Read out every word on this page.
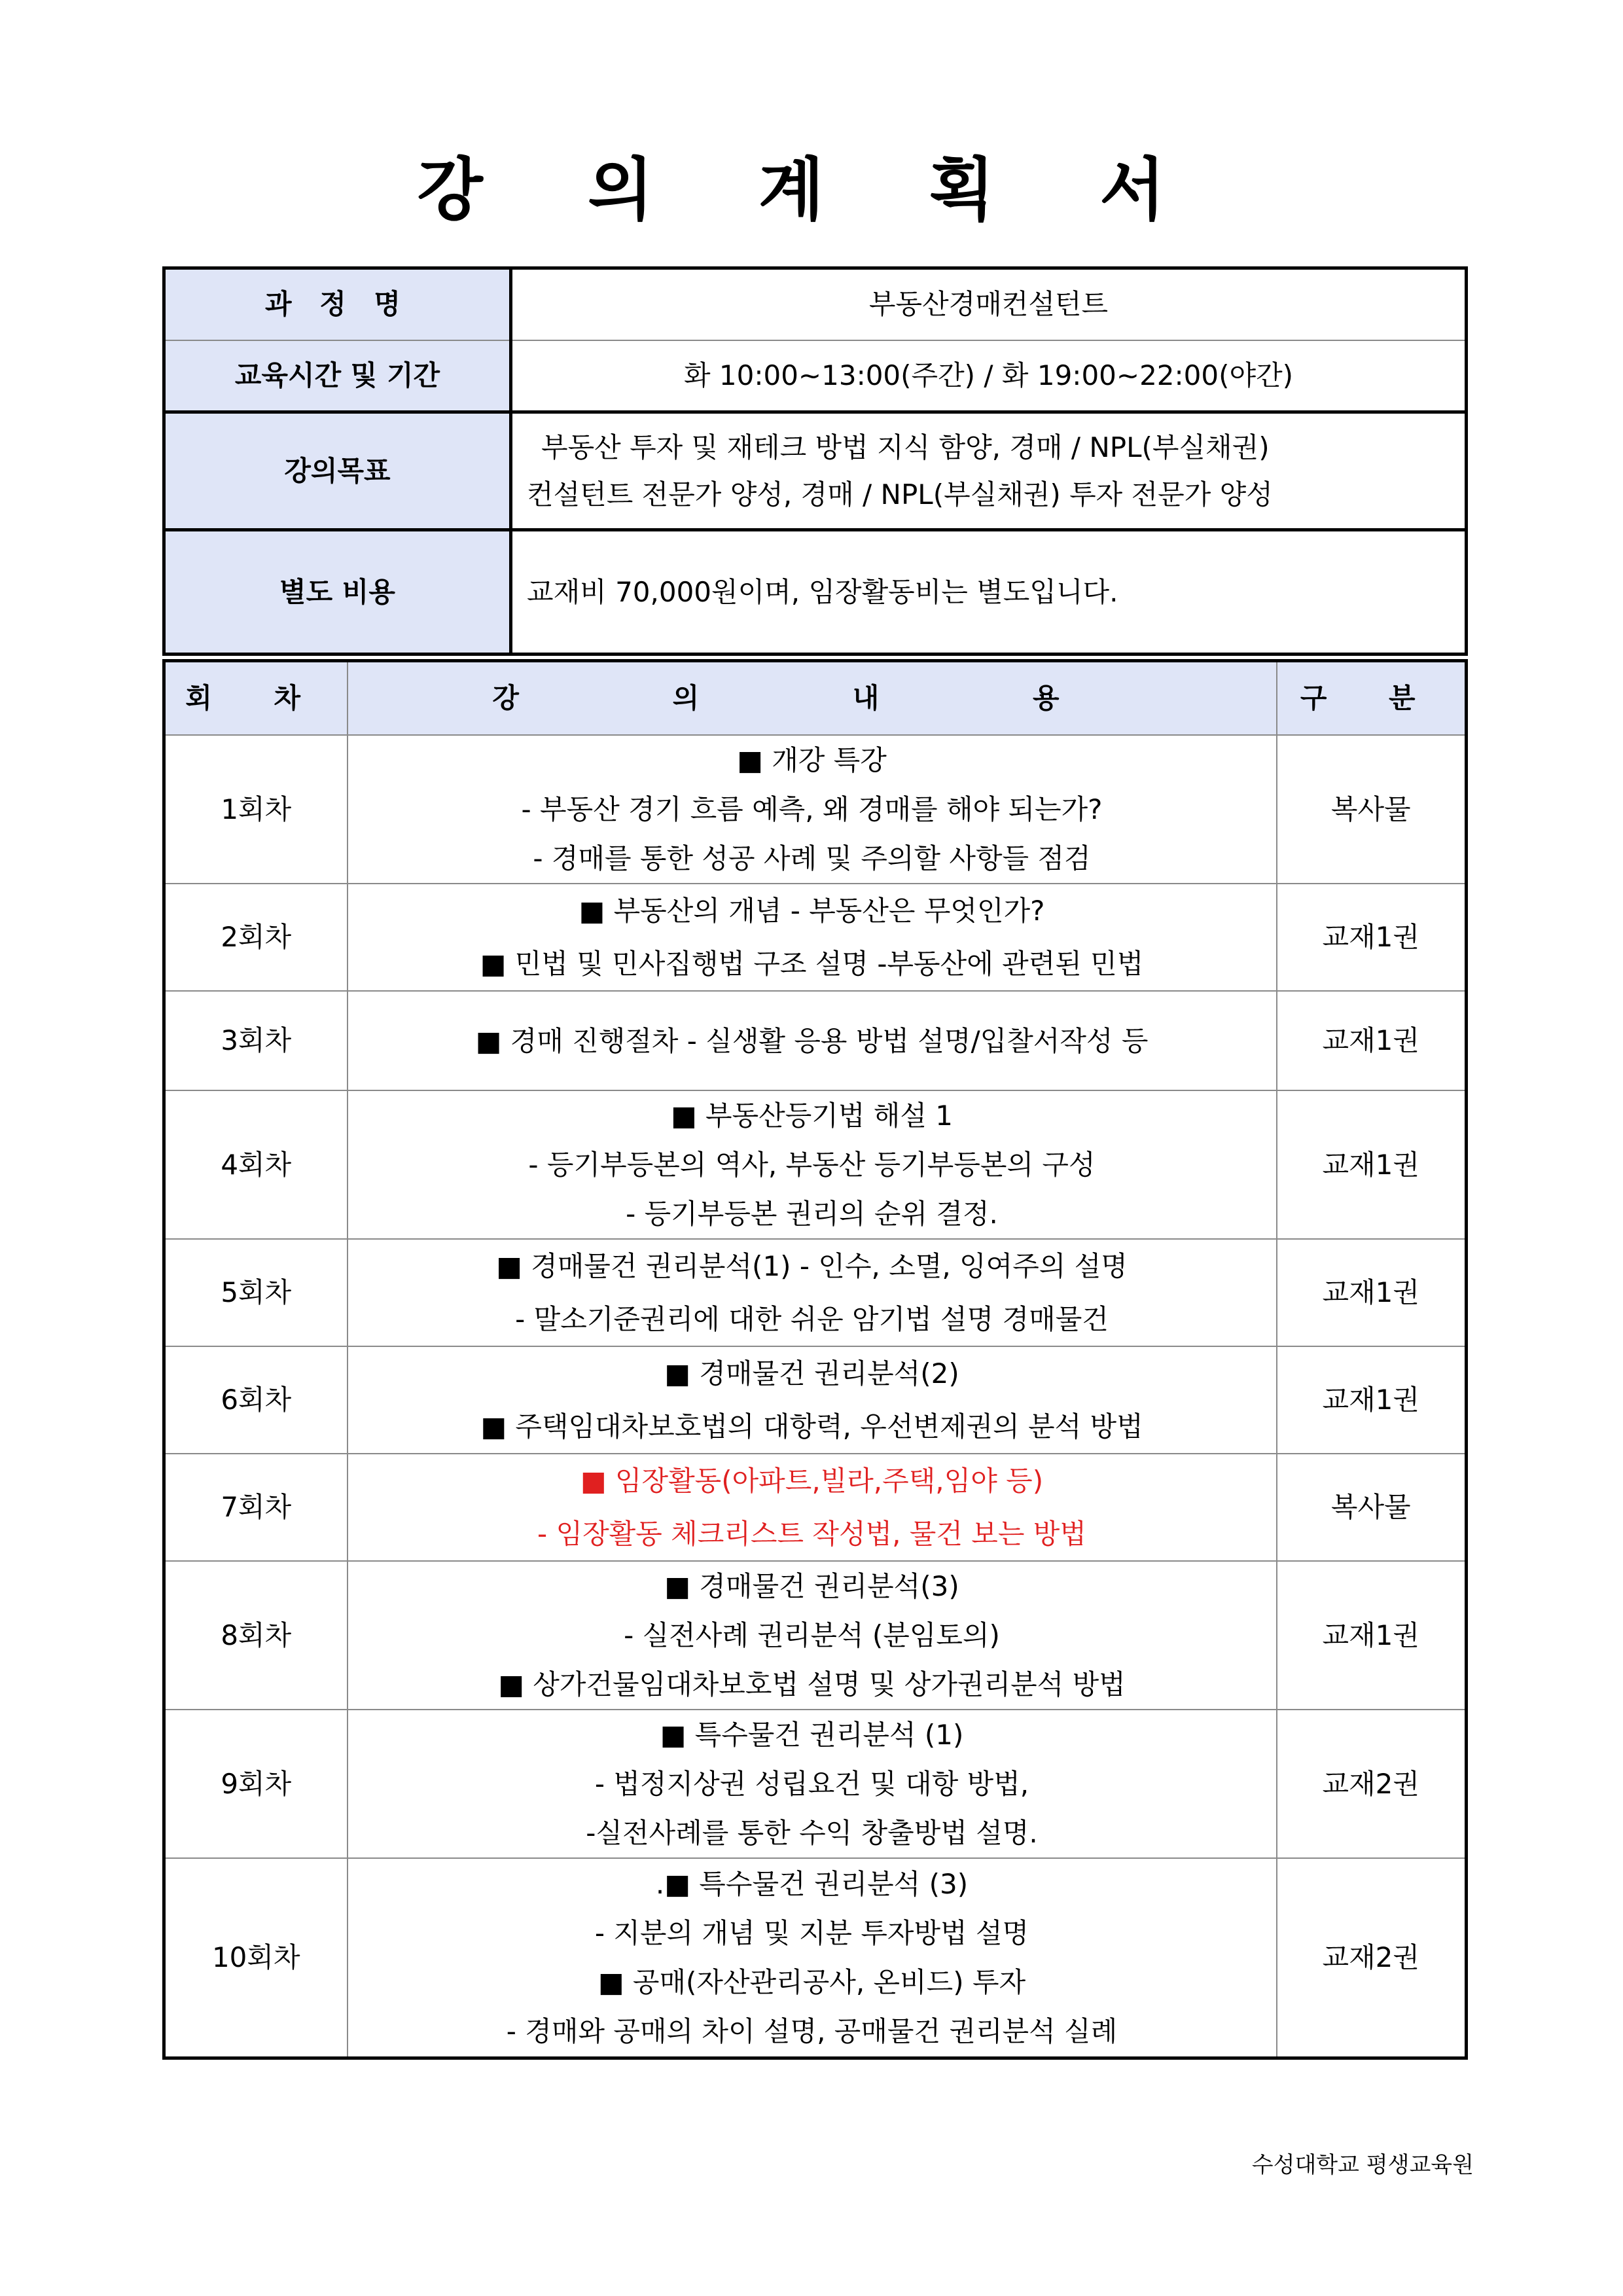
강 의 계 획 서
과 정 명	부동산경매컨설턴트
교육시간 및 기간	화 10:00~13:00(주간) / 화 19:00~22:00(야간)
강의목표	부동산 투자 및 재테크 방법 지식 함양, 경매 / NPL(부실채권)
컨설턴트 전문가 양성, 경매 / NPL(부실채권) 투자 전문가 양성

별도 비용	교재비 70,000원이며, 임장활동비는 별도입니다.
회 차	강 의 내 용	구 분
1회차	■ 개강 특강
- 부동산 경기 흐름 예측, 왜 경매를 해야 되는가?
- 경매를 통한 성공 사례 및 주의할 사항들 점검	복사물
2회차	■ 부동산의 개념 - 부동산은 무엇인가?
■ 민법 및 민사집행법 구조 설명 -부동산에 관련된 민법	교재1권
3회차	■ 경매 진행절차 - 실생활 응용 방법 설명/입찰서작성 등	교재1권
4회차	■ 부동산등기법 해설 1
- 등기부등본의 역사, 부동산 등기부등본의 구성
- 등기부등본 권리의 순위 결정.	교재1권
5회차	■ 경매물건 권리분석(1) - 인수, 소멸, 잉여주의 설명
- 말소기준권리에 대한 쉬운 암기법 설명 경매물건	교재1권
6회차	■ 경매물건 권리분석(2)
■ 주택임대차보호법의 대항력, 우선변제권의 분석 방법	교재1권
7회차	■ 임장활동(아파트,빌라,주택,임야 등)
- 임장활동 체크리스트 작성법, 물건 보는 방법	복사물
8회차	■ 경매물건 권리분석(3)
- 실전사례 권리분석 (분임토의)
■ 상가건물임대차보호법 설명 및 상가권리분석 방법	교재1권
9회차	■ 특수물건 권리분석 (1)
- 법정지상권 성립요건 및 대항 방법,
-실전사례를 통한 수익 창출방법 설명.	교재2권
10회차	.■ 특수물건 권리분석 (3)
- 지분의 개념 및 지분 투자방법 설명
■ 공매(자산관리공사, 온비드) 투자
- 경매와 공매의 차이 설명, 공매물건 권리분석 실례	교재2권
수성대학교 평생교육원
